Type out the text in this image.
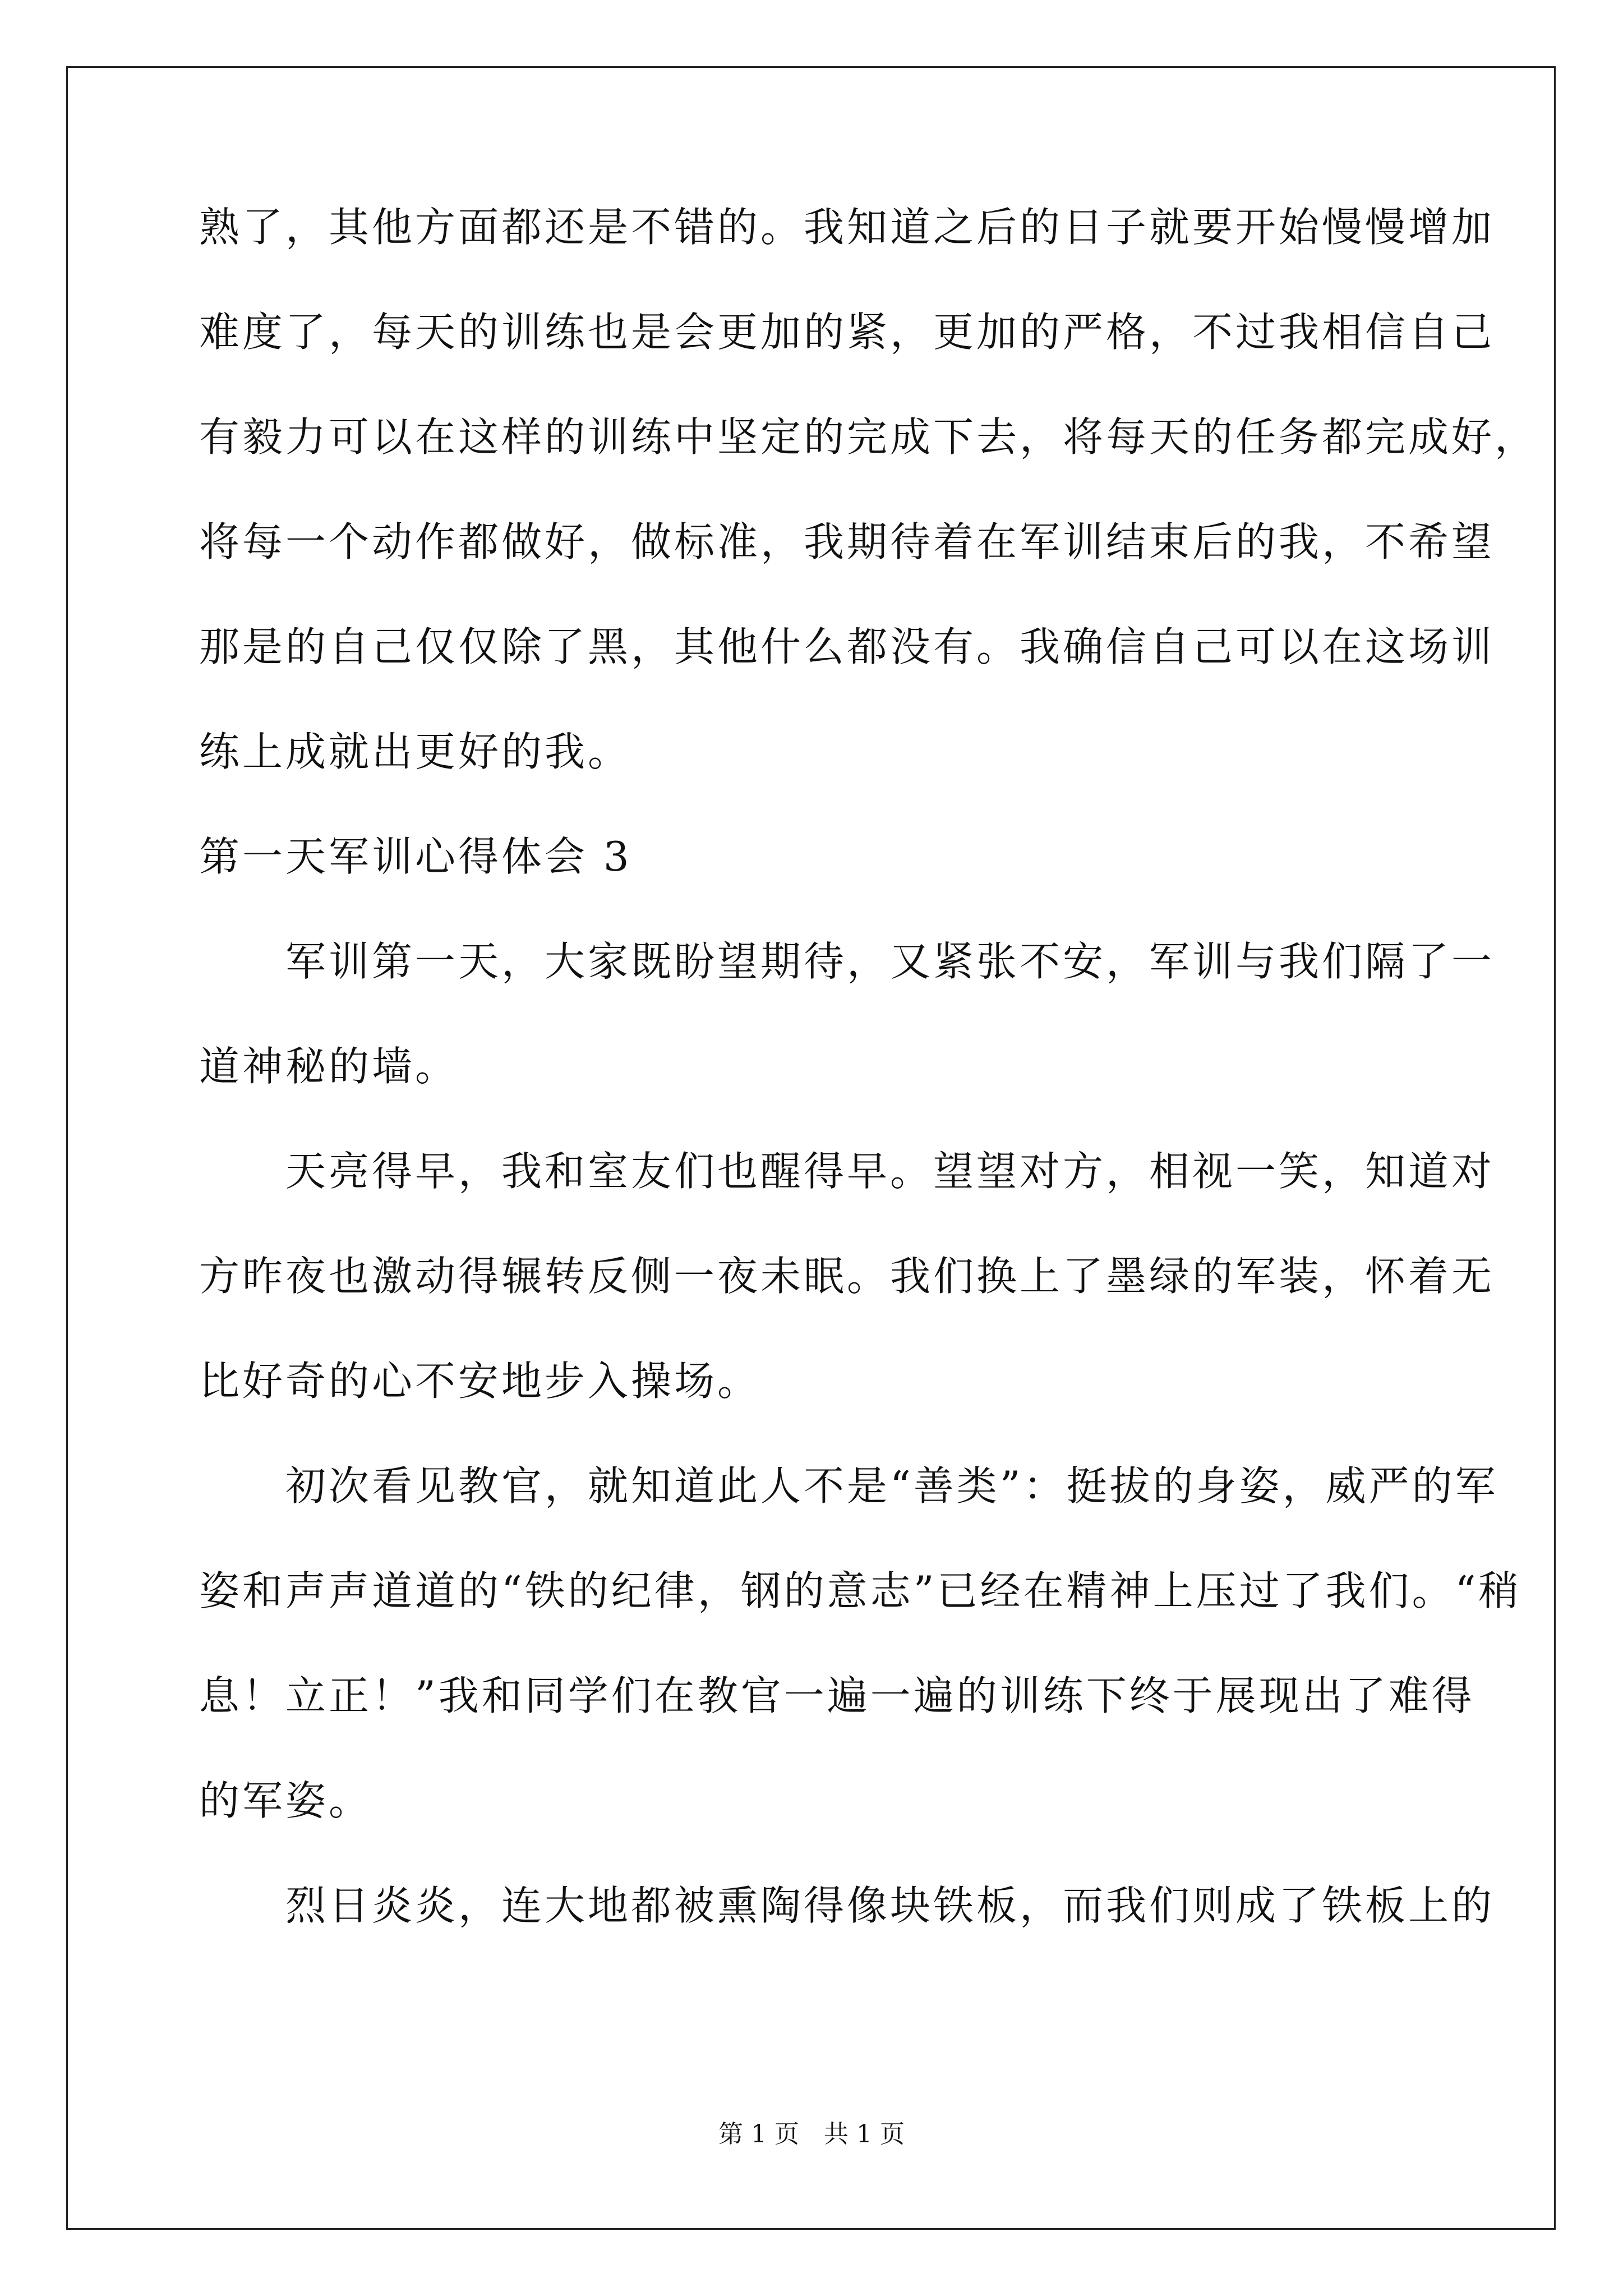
熟了，其他方面都还是不错的。我知道之后的日子就要开始慢慢增加
难度了，每天的训练也是会更加的紧，更加的严格，不过我相信自己
有毅力可以在这样的训练中坚定的完成下去，将每天的任务都完成好，
将每一个动作都做好，做标准，我期待着在军训结束后的我，不希望
那是的自己仅仅除了黑，其他什么都没有。我确信自己可以在这场训
练上成就出更好的我。
第一天军训心得体会 3
　　军训第一天，大家既盼望期待，又紧张不安，军训与我们隔了一
道神秘的墙。
　　天亮得早，我和室友们也醒得早。望望对方，相视一笑，知道对
方昨夜也激动得辗转反侧一夜未眠。我们换上了墨绿的军装，怀着无
比好奇的心不安地步入操场。
　　初次看见教官，就知道此人不是“善类”：挺拔的身姿，威严的军
姿和声声道道的“铁的纪律，钢的意志”已经在精神上压过了我们。“稍
息！立正！”我和同学们在教官一遍一遍的训练下终于展现出了难得
的军姿。
　　烈日炎炎，连大地都被熏陶得像块铁板，而我们则成了铁板上的
第 1 页 共 1 页
